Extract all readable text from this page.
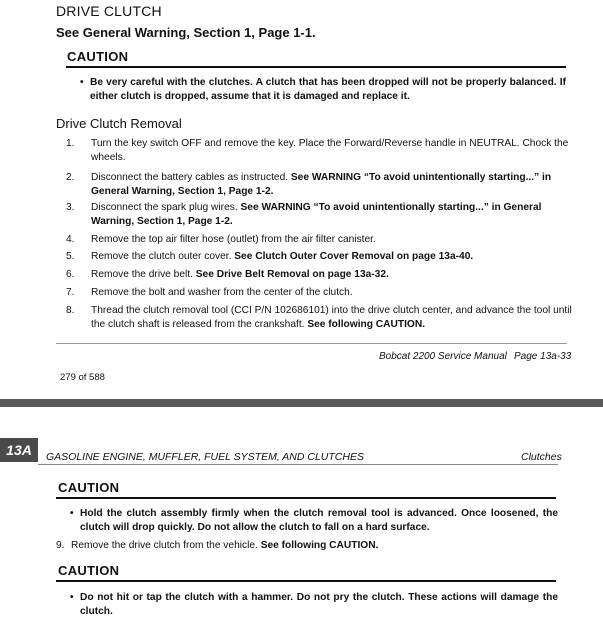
DRIVE CLUTCH
See General Warning, Section 1, Page 1-1.
CAUTION
• Be very careful with the clutches. A clutch that has been dropped will not be properly balanced. If either clutch is dropped, assume that it is damaged and replace it.
Drive Clutch Removal
1.	Turn the key switch OFF and remove the key. Place the Forward/Reverse handle in NEUTRAL. Chock the wheels.
2.	Disconnect the battery cables as instructed. See WARNING “To avoid unintentionally starting...” in General Warning, Section 1, Page 1-2.
3.	Disconnect the spark plug wires. See WARNING “To avoid unintentionally starting...” in General Warning, Section 1, Page 1-2.
4.	Remove the top air filter hose (outlet) from the air filter canister.
5.	Remove the clutch outer cover. See Clutch Outer Cover Removal on page 13a-40.
6.	Remove the drive belt. See Drive Belt Removal on page 13a-32.
7.	Remove the bolt and washer from the center of the clutch.
8.	Thread the clutch removal tool (CCI P/N 102686101) into the drive clutch center, and advance the tool until the clutch shaft is released from the crankshaft. See following CAUTION.
Bobcat 2200 Service Manual Page 13a-33
279 of 588
13A	GASOLINE ENGINE, MUFFLER, FUEL SYSTEM, AND CLUTCHES	Clutches
CAUTION
• Hold the clutch assembly firmly when the clutch removal tool is advanced. Once loosened, the clutch will drop quickly. Do not allow the clutch to fall on a hard surface.
9. Remove the drive clutch from the vehicle. See following CAUTION.
CAUTION
• Do not hit or tap the clutch with a hammer. Do not pry the clutch. These actions will damage the clutch.
